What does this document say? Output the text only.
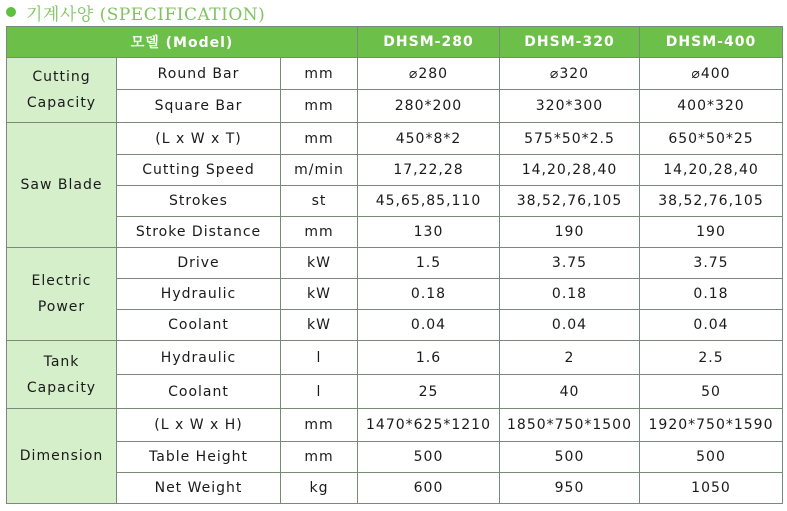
기계사양 (SPECIFICATION)
모델 (Model)			DHSM-280	DHSM-320	DHSM-400
Cutting
Capacity	Round Bar	mm	⌀280	⌀320	⌀400
	Square Bar	mm	280*200	320*300	400*320
Saw Blade	(L x W x T)	mm	450*8*2	575*50*2.5	650*50*25
	Cutting Speed	m/min	17,22,28	14,20,28,40	14,20,28,40
	Strokes	st	45,65,85,110	38,52,76,105	38,52,76,105
	Stroke Distance	mm	130	190	190
Electric
Power	Drive	kW	1.5	3.75	3.75
	Hydraulic	kW	0.18	0.18	0.18
	Coolant	kW	0.04	0.04	0.04
Tank
Capacity	Hydraulic	l	1.6	2	2.5
	Coolant	l	25	40	50
Dimension	(L x W x H)	mm	1470*625*1210	1850*750*1500	1920*750*1590
	Table Height	mm	500	500	500
	Net Weight	kg	600	950	1050
